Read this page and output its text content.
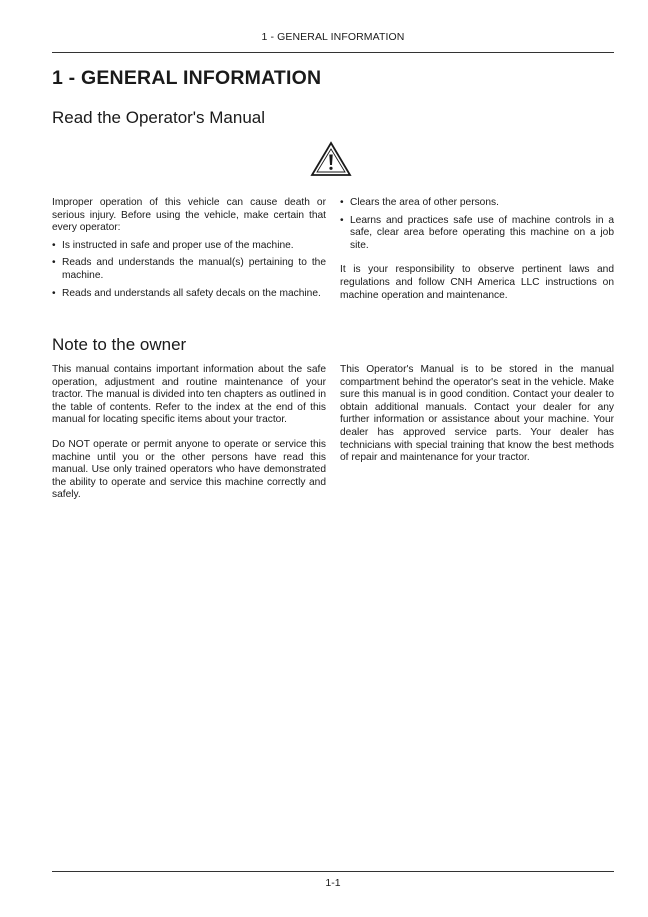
1 - GENERAL INFORMATION
1 - GENERAL INFORMATION
Read the Operator's Manual

Improper operation of this vehicle can cause death or serious injury. Before using the vehicle, make certain that every operator:

• Is instructed in safe and proper use of the machine.
• Reads and understands the manual(s) pertaining to the machine.
• Reads and understands all safety decals on the machine.
• Clears the area of other persons.
• Learns and practices safe use of machine controls in a safe, clear area before operating this machine on a job site.

It is your responsibility to observe pertinent laws and regulations and follow CNH America LLC instructions on machine operation and maintenance.

Note to the owner

This manual contains important information about the safe operation, adjustment and routine maintenance of your tractor. The manual is divided into ten chapters as outlined in the table of contents. Refer to the index at the end of this manual for locating specific items about your tractor.

Do NOT operate or permit anyone to operate or service this machine until you or the other persons have read this manual. Use only trained operators who have demonstrated the ability to operate and service this machine correctly and safely.

This Operator's Manual is to be stored in the manual compartment behind the operator's seat in the vehicle. Make sure this manual is in good condition. Contact your dealer to obtain additional manuals. Contact your dealer for any further information or assistance about your machine. Your dealer has approved service parts. Your dealer has technicians with special training that know the best methods of repair and maintenance for your tractor.

1-1
